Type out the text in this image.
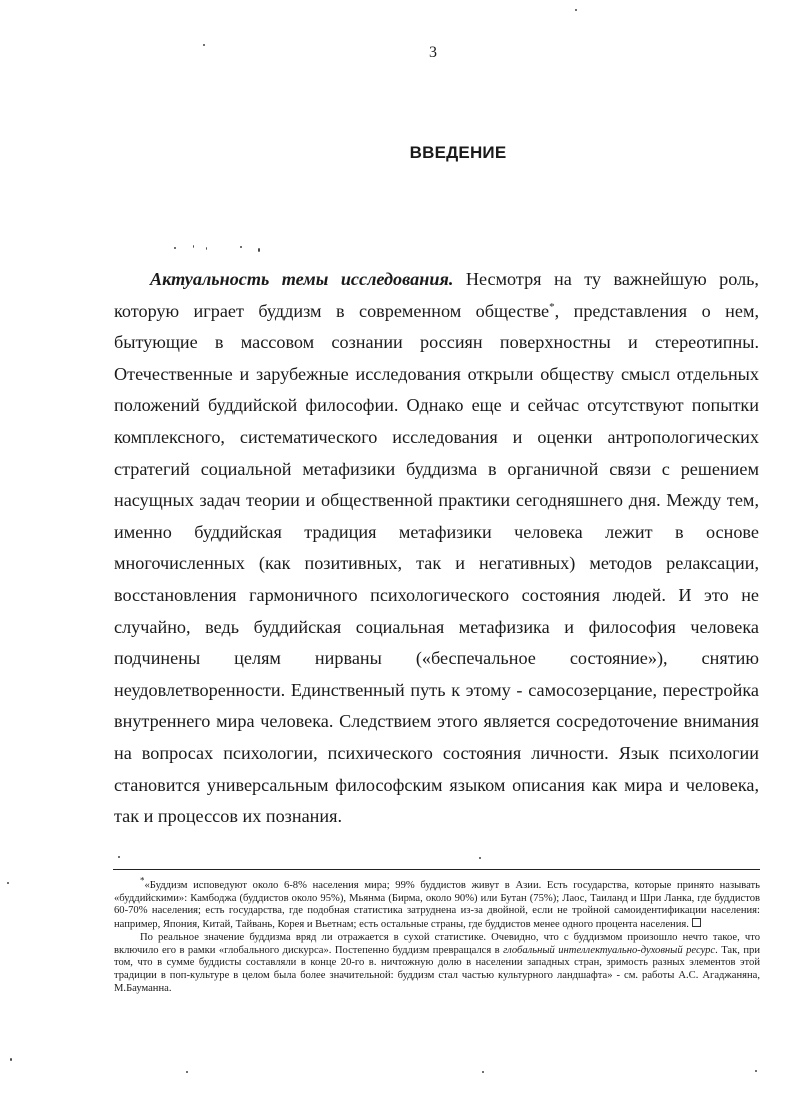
3
ВВЕДЕНИЕ

Актуальность темы исследования. Несмотря на ту важнейшую роль, которую играет буддизм в современном обществе*, представления о нем, бытующие в массовом сознании россиян поверхностны и стереотипны. Отечественные и зарубежные исследования открыли обществу смысл отдельных положений буддийской философии. Однако еще и сейчас отсутствуют попытки комплексного, систематического исследования и оценки антропологических стратегий социальной метафизики буддизма в органичной связи с решением насущных задач теории и общественной практики сегодняшнего дня. Между тем, именно буддийская традиция метафизики человека лежит в основе многочисленных (как позитивных, так и негативных) методов релаксации, восстановления гармоничного психологического состояния людей. И это не случайно, ведь буддийская социальная метафизика и философия человека подчинены целям нирваны («беспечальное состояние»), снятию неудовлетворенности. Единственный путь к этому - самосозерцание, перестройка внутреннего мира человека. Следствием этого является сосредоточение внимания на вопросах психологии, психического состояния личности. Язык психологии становится универсальным философским языком описания как мира и человека, так и процессов их познания.

*«Буддизм исповедуют около 6-8% населения мира; 99% буддистов живут в Азии. Есть государства, которые принято называть «буддийскими»: Камбоджа (буддистов около 95%), Мьянма (Бирма, около 90%) или Бутан (75%); Лаос, Таиланд и Шри Ланка, где буддистов 60-70% населения; есть государства, где подобная статистика затруднена из-за двойной, если не тройной самоидентификации населения: например, Япония, Китай, Тайвань, Корея и Вьетнам; есть остальные страны, где буддистов менее одного процента населения.

По реальное значение буддизма вряд ли отражается в сухой статистике. Очевидно, что с буддизмом произошло нечто такое, что включило его в рамки «глобального дискурса». Постепенно буддизм превращался в глобальный интеллектуально-духовный ресурс. Так, при том, что в сумме буддисты составляли в конце 20-го в. ничтожную долю в населении западных стран, зримость разных элементов этой традиции в поп-культуре в целом была более значительной: буддизм стал частью культурного ландшафта» - см. работы А.С. Агаджаняна, М.Бауманна.
